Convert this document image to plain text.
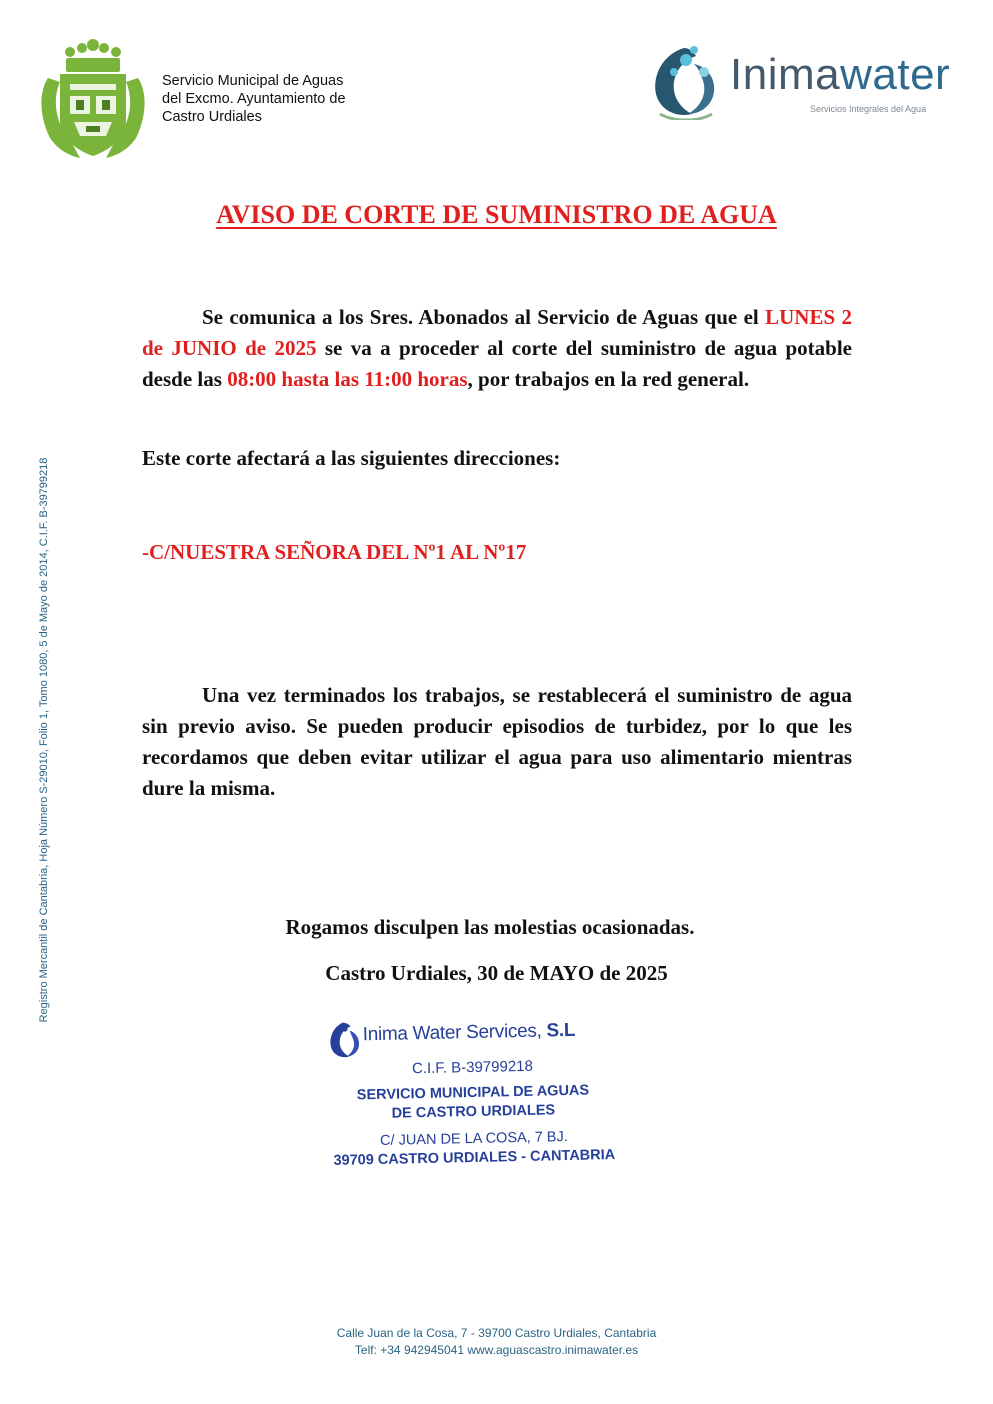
Servicio Municipal de Aguas
del Excmo. Ayuntamiento de
Castro Urdiales
Inimawater
Servicios Integrales del Agua
AVISO DE CORTE DE SUMINISTRO DE AGUA
Se comunica a los Sres. Abonados al Servicio de Aguas que el LUNES 2 de JUNIO de 2025 se va a proceder al corte del suministro de agua potable desde las 08:00 hasta las 11:00 horas, por trabajos en la red general.
Este corte afectará a las siguientes direcciones:
-C/NUESTRA SEÑORA DEL Nº1 AL Nº17
Una vez terminados los trabajos, se restablecerá el suministro de agua sin previo aviso. Se pueden producir episodios de turbidez, por lo que les recordamos que deben evitar utilizar el agua para uso alimentario mientras dure la misma.
Rogamos disculpen las molestias ocasionadas.
Castro Urdiales, 30 de MAYO de 2025
Inima Water Services, S.L
C.I.F. B-39799218
SERVICIO MUNICIPAL DE AGUAS
DE CASTRO URDIALES
C/ JUAN DE LA COSA, 7 BJ.
39709 CASTRO URDIALES - CANTABRIA
Registro Mercantil de Cantabria, Hoja Número S-29010, Folio 1, Tomo 1080, 5 de Mayo de 2014, C.I.F. B-39799218
Calle Juan de la Cosa, 7 - 39700 Castro Urdiales, Cantabria
Telf: +34 942945041 www.aguascastro.inimawater.es
